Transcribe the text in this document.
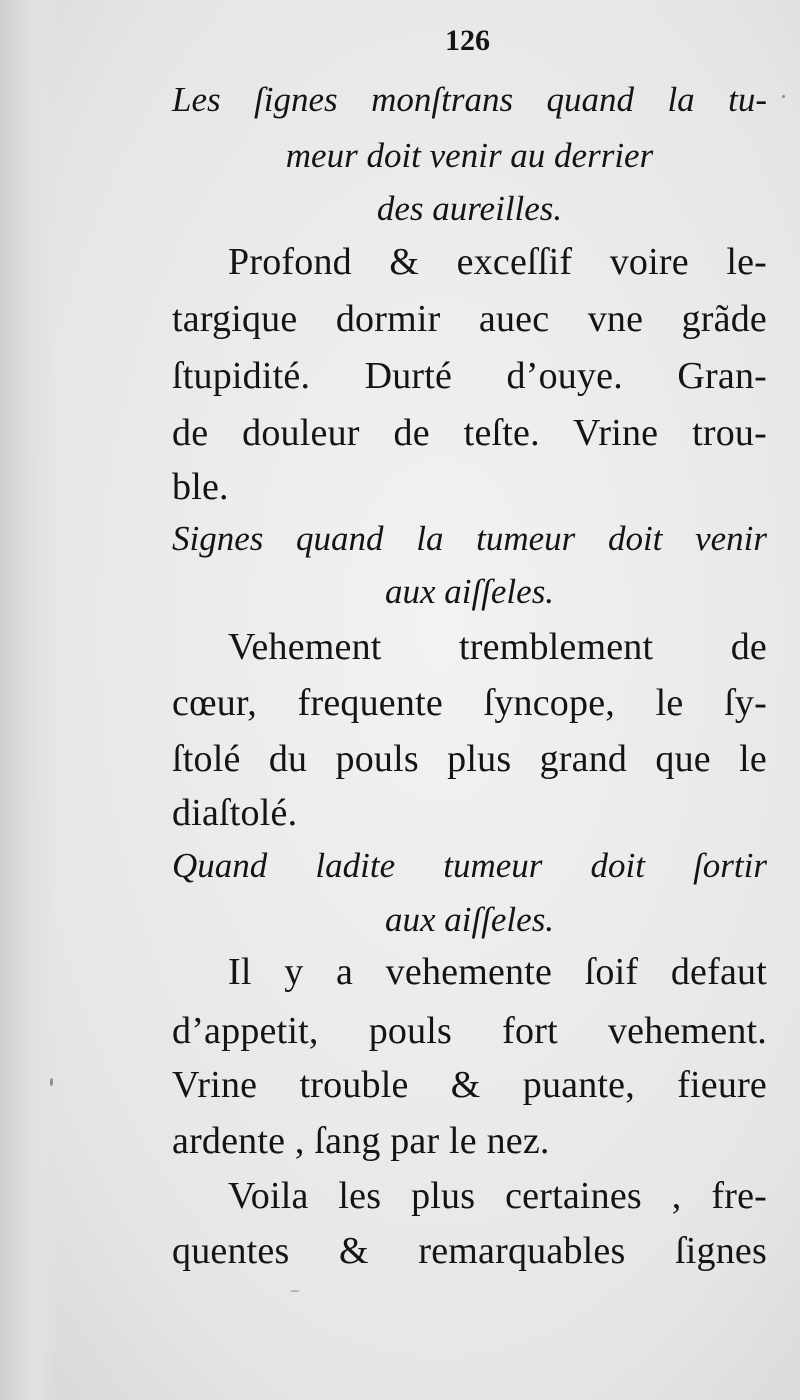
126

Les ſignes monſtrans quand la tu-

meur doit venir au derrier

des aureilles.

Profond & exceſſif voire le-

targique dormir auec vne grãde

ſtupidité. Durté d’ouye. Gran-

de douleur de teſte. Vrine trou-

ble.

Signes quand la tumeur doit venir

aux aiſſeles.

Vehement tremblement de

cœur, frequente ſyncope, le ſy-

ſtolé du pouls plus grand que le

diaſtolé.

Quand ladite tumeur doit ſortir

aux aiſſeles.

Il y a vehemente ſoif defaut

d’appetit, pouls fort vehement.

Vrine trouble & puante, fieure

ardente , ſang par le nez.

Voila les plus certaines , fre-

quentes & remarquables ſignes
